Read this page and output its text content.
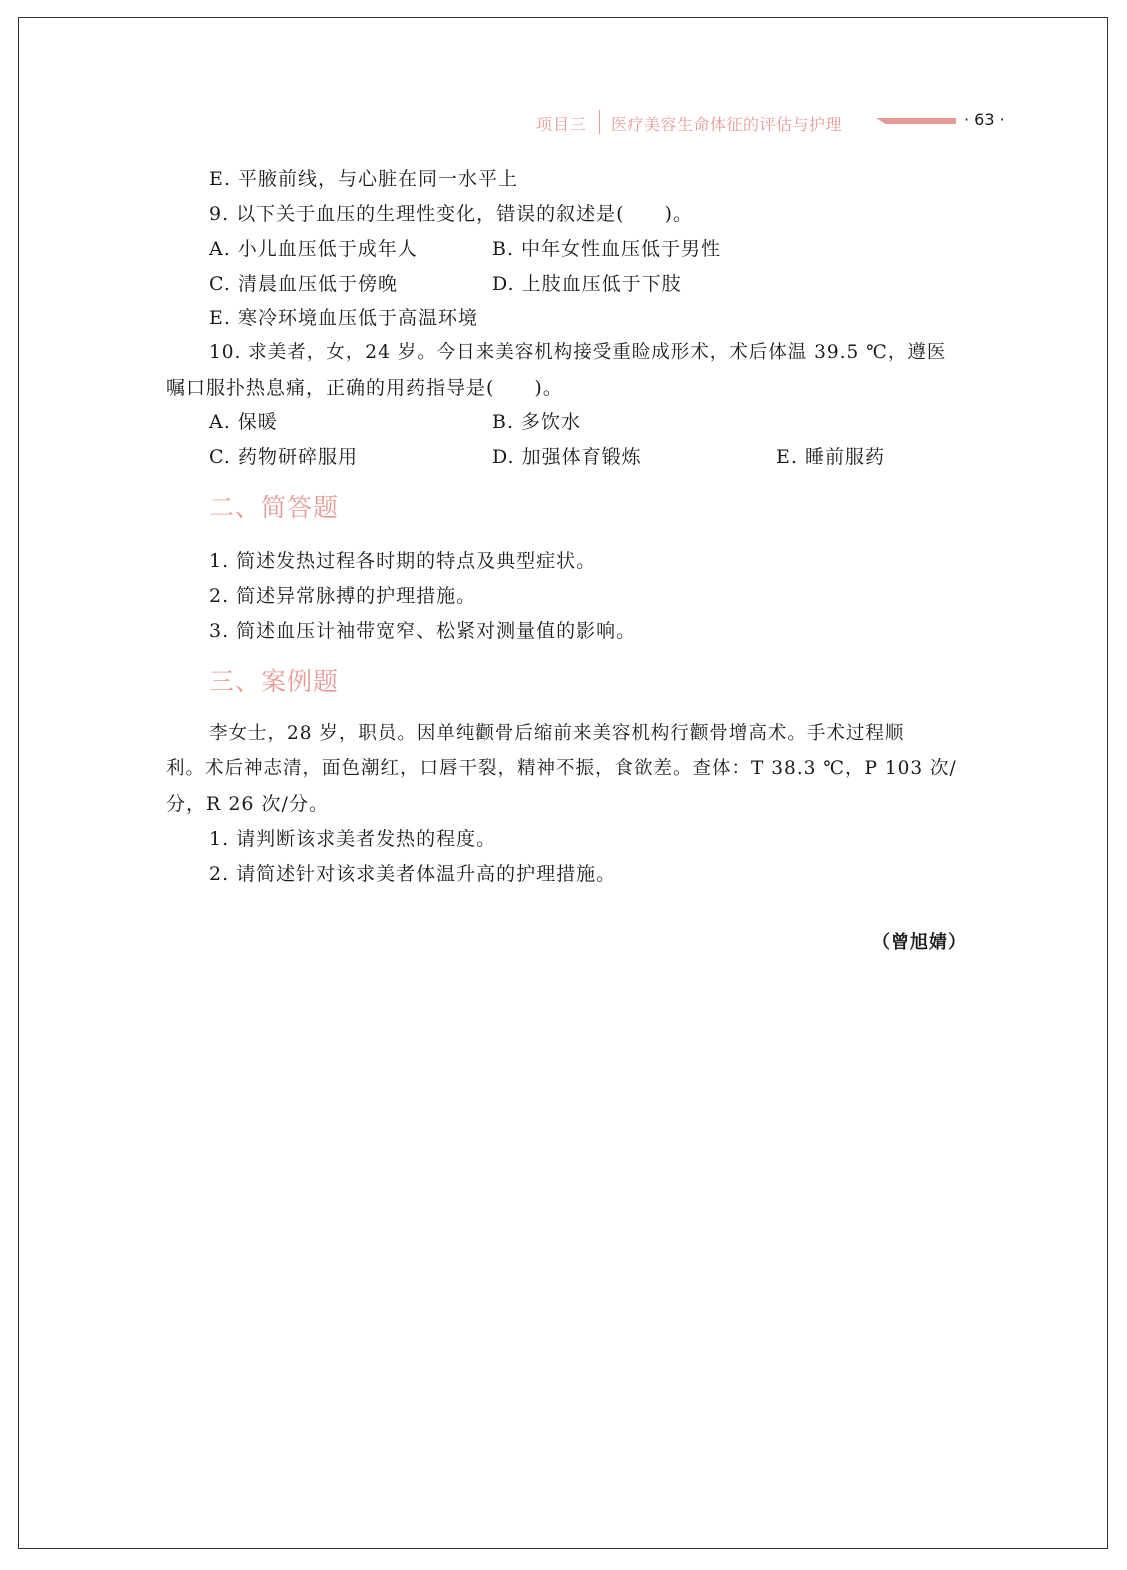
项目三 医疗美容生命体征的评估与护理	· 63 ·
E. 平腋前线，与心脏在同一水平上
9. 以下关于血压的生理性变化，错误的叙述是(　　)。
A. 小儿血压低于成年人	B. 中年女性血压低于男性
C. 清晨血压低于傍晚	D. 上肢血压低于下肢
E. 寒冷环境血压低于高温环境
10. 求美者，女，24 岁。今日来美容机构接受重睑成形术，术后体温 39.5 ℃，遵医
嘱口服扑热息痛，正确的用药指导是(　　)。
A. 保暖	B. 多饮水
C. 药物研碎服用	D. 加强体育锻炼	E. 睡前服药
二、简答题
1. 简述发热过程各时期的特点及典型症状。
2. 简述异常脉搏的护理措施。
3. 简述血压计袖带宽窄、松紧对测量值的影响。
三、案例题
李女士，28 岁，职员。因单纯颧骨后缩前来美容机构行颧骨增高术。手术过程顺
利。术后神志清，面色潮红，口唇干裂，精神不振，食欲差。查体：T 38.3 ℃，P 103 次/
分，R 26 次/分。
1. 请判断该求美者发热的程度。
2. 请简述针对该求美者体温升高的护理措施。
（曾旭婧）
